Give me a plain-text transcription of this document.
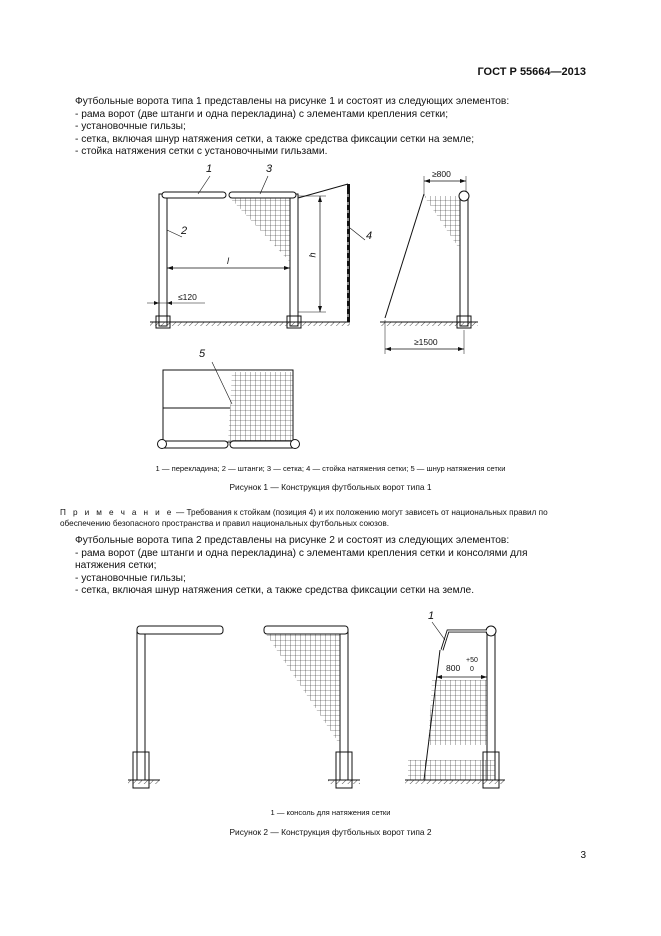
ГОСТ Р 55664—2013
Футбольные ворота типа 1 представлены на рисунке 1 и состоят из следующих элементов:
- рама ворот (две штанги и одна перекладина) с элементами крепления сетки;
- установочные гильзы;
- сетка, включая шнур натяжения сетки, а также средства фиксации сетки на земле;
- стойка натяжения сетки с установочными гильзами.
1	3
2	4
5
l
h
≤120
≥800
≥1500
1 — перекладина; 2 — штанги; 3 — сетка; 4 — стойка натяжения сетки; 5 — шнур натяжения сетки
Рисунок 1 — Конструкция футбольных ворот типа 1
П р и м е ч а н и е — Требования к стойкам (позиция 4) и их положению могут зависеть от национальных правил по обеспечению безопасного пространства и правил национальных футбольных союзов.
Футбольные ворота типа 2 представлены на рисунке 2 и состоят из следующих элементов:
- рама ворот (две штанги и одна перекладина) с элементами крепления сетки и консолями для
натяжения сетки;
- установочные гильзы;
- сетка, включая шнур натяжения сетки, а также средства фиксации сетки на земле.
1
800
+50
0
1 — консоль для натяжения сетки
Рисунок 2 — Конструкция футбольных ворот типа 2
3
